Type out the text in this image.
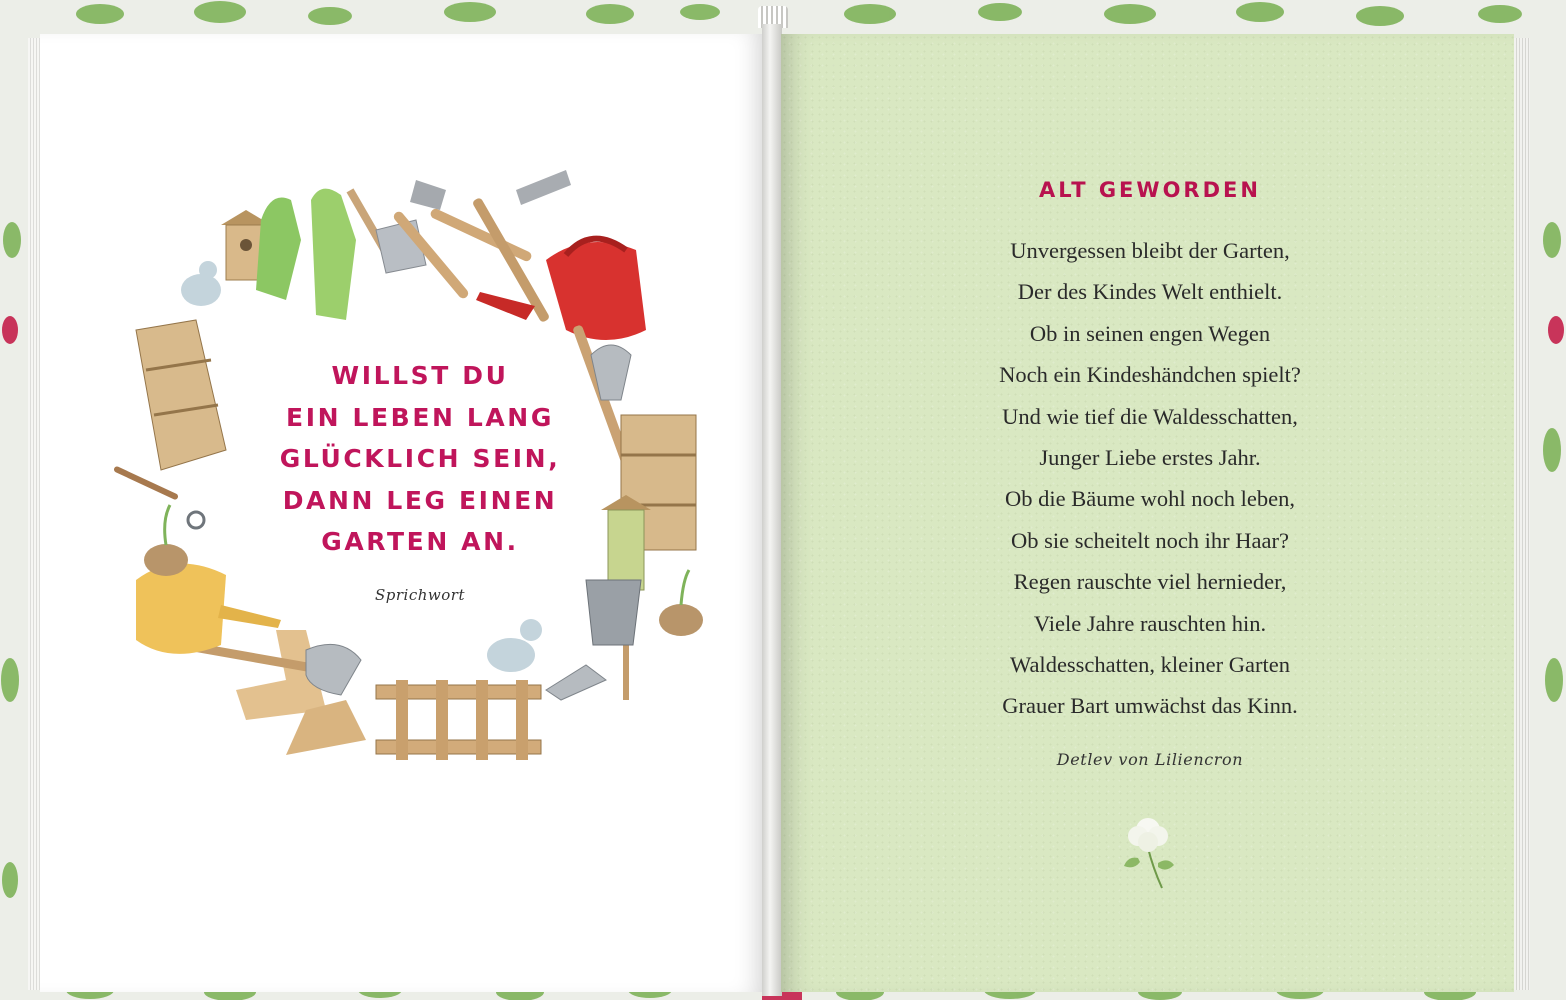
WILLST DU
EIN LEBEN LANG
GLÜCKLICH SEIN,
DANN LEG EINEN
GARTEN AN.
Sprichwort
ALT GEWORDEN
Unvergessen bleibt der Garten,
Der des Kindes Welt enthielt.
Ob in seinen engen Wegen
Noch ein Kindeshändchen spielt?
Und wie tief die Waldesschatten,
Junger Liebe erstes Jahr.
Ob die Bäume wohl noch leben,
Ob sie scheitelt noch ihr Haar?
Regen rauschte viel hernieder,
Viele Jahre rauschten hin.
Waldesschatten, kleiner Garten
Grauer Bart umwächst das Kinn.
Detlev von Liliencron
